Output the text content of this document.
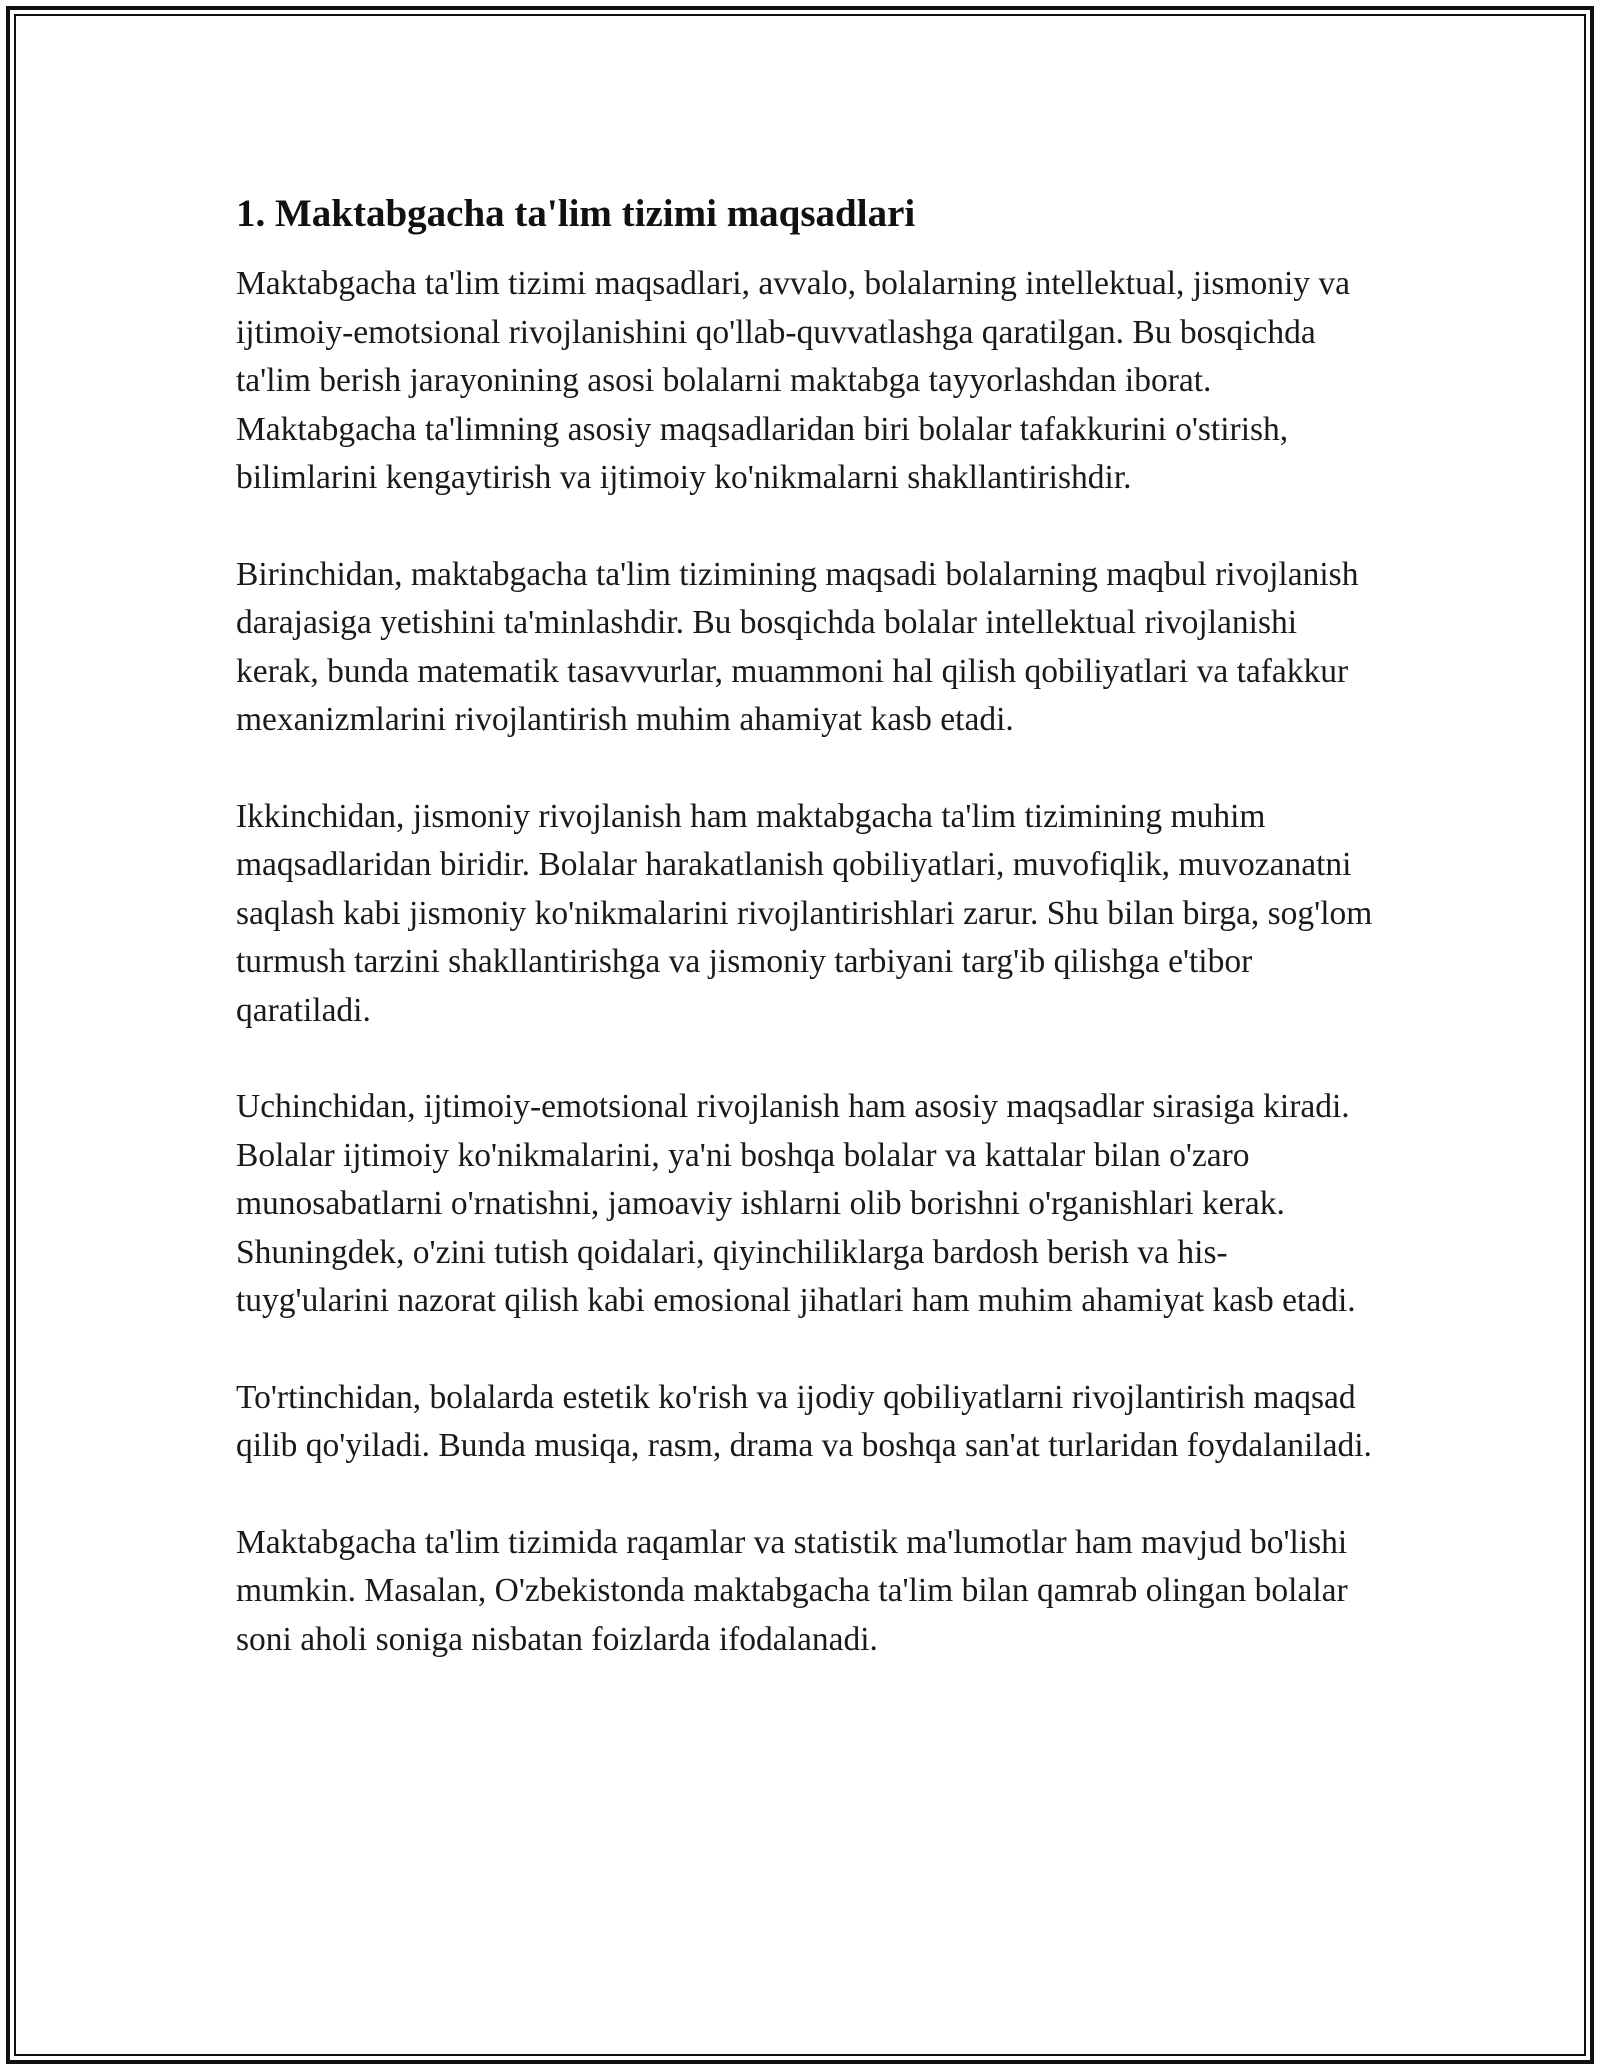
1. Maktabgacha ta'lim tizimi maqsadlari

Maktabgacha ta'lim tizimi maqsadlari, avvalo, bolalarning intellektual, jismoniy va ijtimoiy-emotsional rivojlanishini qo'llab-quvvatlashga qaratilgan. Bu bosqichda ta'lim berish jarayonining asosi bolalarni maktabga tayyorlashdan iborat. Maktabgacha ta'limning asosiy maqsadlaridan biri bolalar tafakkurini o'stirish, bilimlarini kengaytirish va ijtimoiy ko'nikmalarni shakllantirishdir.

Birinchidan, maktabgacha ta'lim tizimining maqsadi bolalarning maqbul rivojlanish darajasiga yetishini ta'minlashdir. Bu bosqichda bolalar intellektual rivojlanishi kerak, bunda matematik tasavvurlar, muammoni hal qilish qobiliyatlari va tafakkur mexanizmlarini rivojlantirish muhim ahamiyat kasb etadi.

Ikkinchidan, jismoniy rivojlanish ham maktabgacha ta'lim tizimining muhim maqsadlaridan biridir. Bolalar harakatlanish qobiliyatlari, muvofiqlik, muvozanatni saqlash kabi jismoniy ko'nikmalarini rivojlantirishlari zarur. Shu bilan birga, sog'lom turmush tarzini shakllantirishga va jismoniy tarbiyani targ'ib qilishga e'tibor qaratiladi.

Uchinchidan, ijtimoiy-emotsional rivojlanish ham asosiy maqsadlar sirasiga kiradi. Bolalar ijtimoiy ko'nikmalarini, ya'ni boshqa bolalar va kattalar bilan o'zaro munosabatlarni o'rnatishni, jamoaviy ishlarni olib borishni o'rganishlari kerak. Shuningdek, o'zini tutish qoidalari, qiyinchiliklarga bardosh berish va his-tuyg'ularini nazorat qilish kabi emosional jihatlari ham muhim ahamiyat kasb etadi.

To'rtinchidan, bolalarda estetik ko'rish va ijodiy qobiliyatlarni rivojlantirish maqsad qilib qo'yiladi. Bunda musiqa, rasm, drama va boshqa san'at turlaridan foydalaniladi.

Maktabgacha ta'lim tizimida raqamlar va statistik ma'lumotlar ham mavjud bo'lishi mumkin. Masalan, O'zbekistonda maktabgacha ta'lim bilan qamrab olingan bolalar soni aholi soniga nisbatan foizlarda ifodalanadi.
